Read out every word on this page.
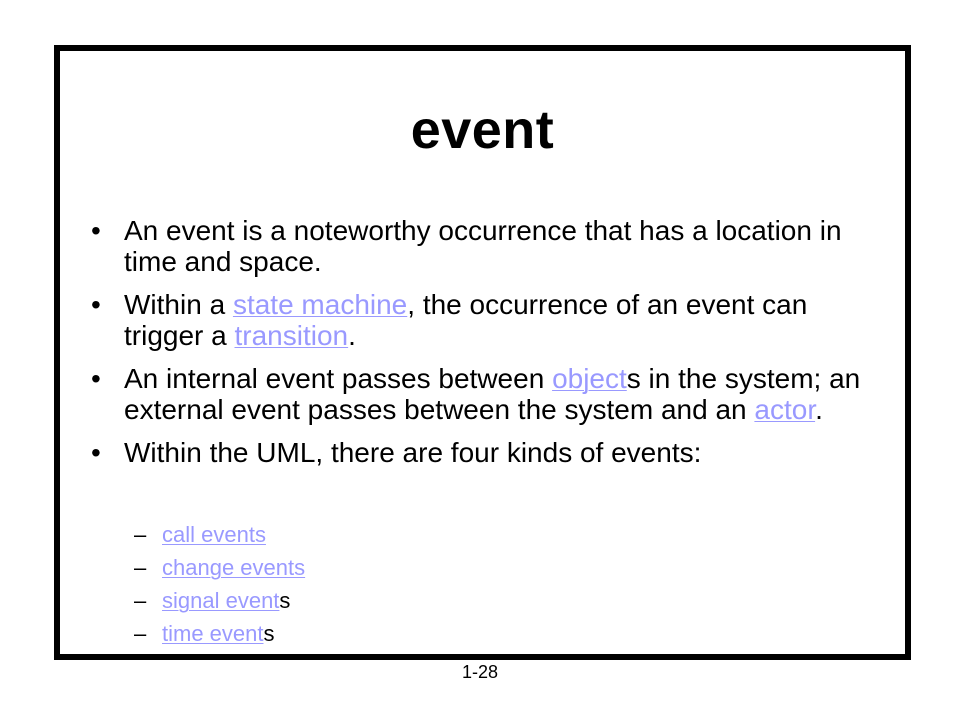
event
• An event is a noteworthy occurrence that has a location in time and space.
• Within a state machine, the occurrence of an event can trigger a transition.
• An internal event passes between objects in the system; an external event passes between the system and an actor.
• Within the UML, there are four kinds of events:
– call events
– change events
– signal events
– time events
1-28
